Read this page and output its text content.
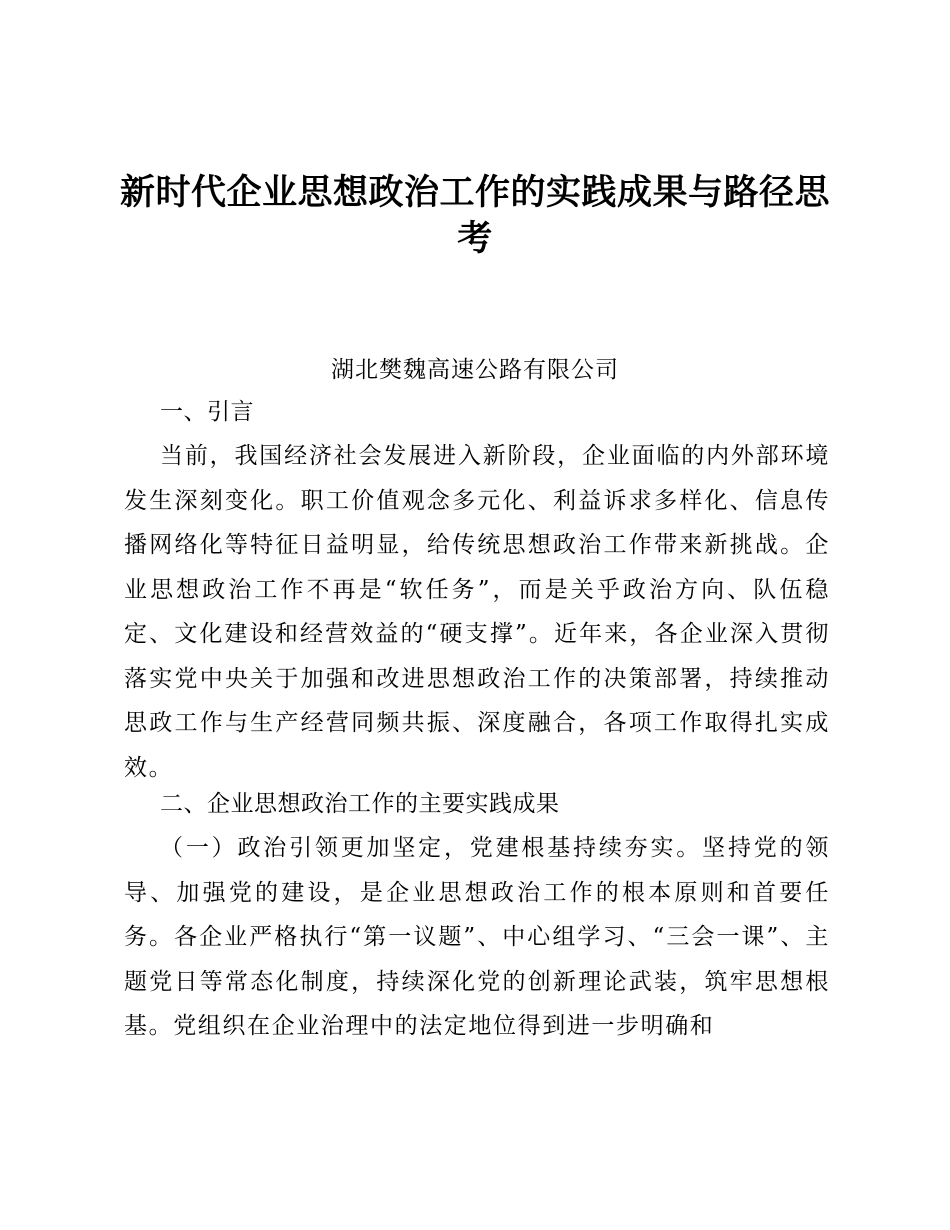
新时代企业思想政治工作的实践成果与路径思考
湖北樊魏高速公路有限公司
一、引言
当前，我国经济社会发展进入新阶段，企业面临的内外部环境发生深刻变化。职工价值观念多元化、利益诉求多样化、信息传播网络化等特征日益明显，给传统思想政治工作带来新挑战。企业思想政治工作不再是“软任务”，而是关乎政治方向、队伍稳定、文化建设和经营效益的“硬支撑”。近年来，各企业深入贯彻落实党中央关于加强和改进思想政治工作的决策部署，持续推动思政工作与生产经营同频共振、深度融合，各项工作取得扎实成效。
二、企业思想政治工作的主要实践成果
（一）政治引领更加坚定，党建根基持续夯实。坚持党的领导、加强党的建设，是企业思想政治工作的根本原则和首要任务。各企业严格执行“第一议题”、中心组学习、“三会一课”、主题党日等常态化制度，持续深化党的创新理论武装，筑牢思想根基。党组织在企业治理中的法定地位得到进一步明确和
